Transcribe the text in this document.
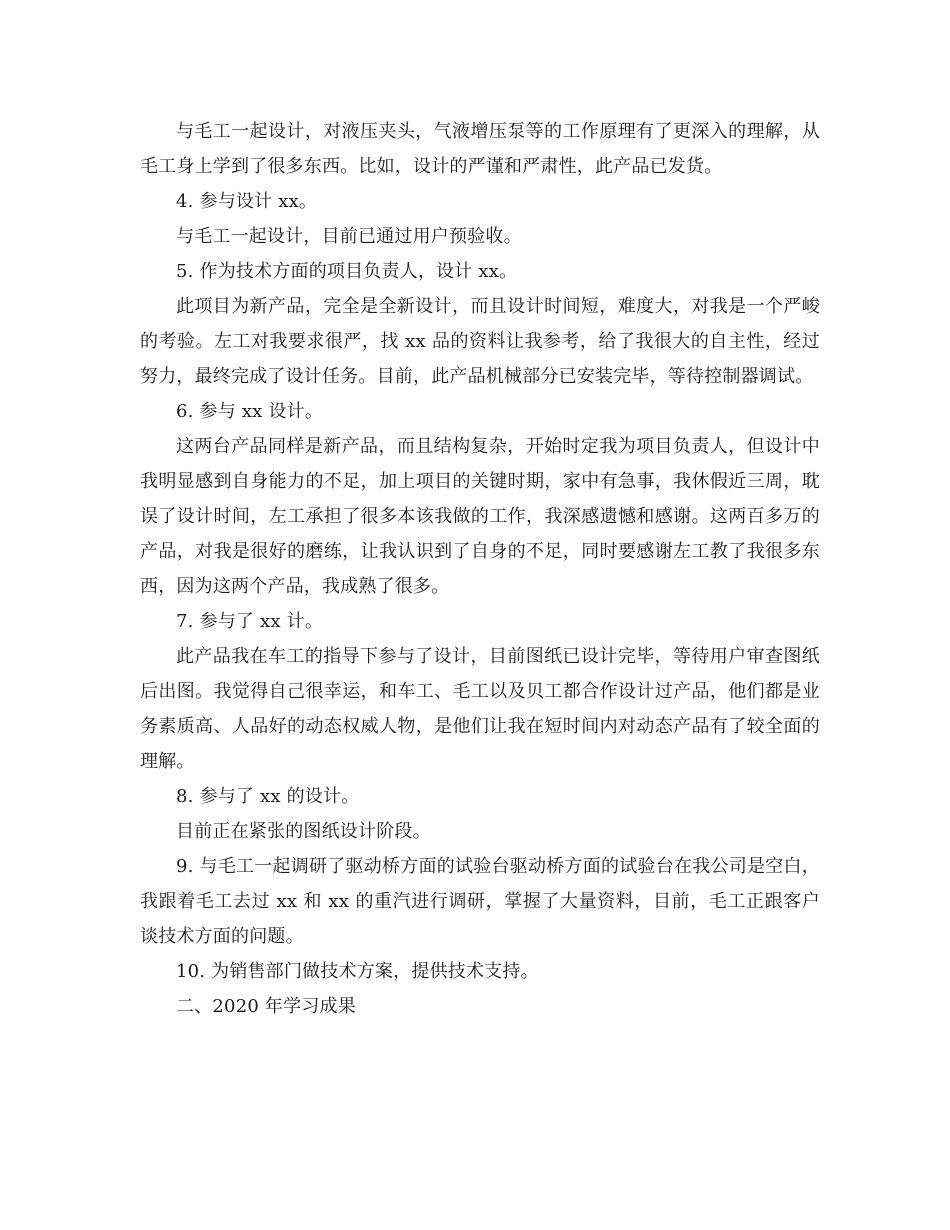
与毛工一起设计，对液压夹头，气液增压泵等的工作原理有了更深入的理解，从毛工身上学到了很多东西。比如，设计的严谨和严肃性，此产品已发货。

4. 参与设计 xx。

与毛工一起设计，目前已通过用户预验收。

5. 作为技术方面的项目负责人，设计 xx。

此项目为新产品，完全是全新设计，而且设计时间短，难度大，对我是一个严峻的考验。左工对我要求很严，找 xx 品的资料让我参考，给了我很大的自主性，经过努力，最终完成了设计任务。目前，此产品机械部分已安装完毕，等待控制器调试。

6. 参与 xx 设计。

这两台产品同样是新产品，而且结构复杂，开始时定我为项目负责人，但设计中我明显感到自身能力的不足，加上项目的关键时期，家中有急事，我休假近三周，耽误了设计时间，左工承担了很多本该我做的工作，我深感遗憾和感谢。这两百多万的产品，对我是很好的磨练，让我认识到了自身的不足，同时要感谢左工教了我很多东西，因为这两个产品，我成熟了很多。

7. 参与了 xx 计。

此产品我在车工的指导下参与了设计，目前图纸已设计完毕，等待用户审查图纸后出图。我觉得自己很幸运，和车工、毛工以及贝工都合作设计过产品，他们都是业务素质高、人品好的动态权威人物，是他们让我在短时间内对动态产品有了较全面的理解。

8. 参与了 xx 的设计。

目前正在紧张的图纸设计阶段。

9. 与毛工一起调研了驱动桥方面的试验台驱动桥方面的试验台在我公司是空白，我跟着毛工去过 xx 和 xx 的重汽进行调研，掌握了大量资料，目前，毛工正跟客户谈技术方面的问题。

10. 为销售部门做技术方案，提供技术支持。

二、2020 年学习成果
